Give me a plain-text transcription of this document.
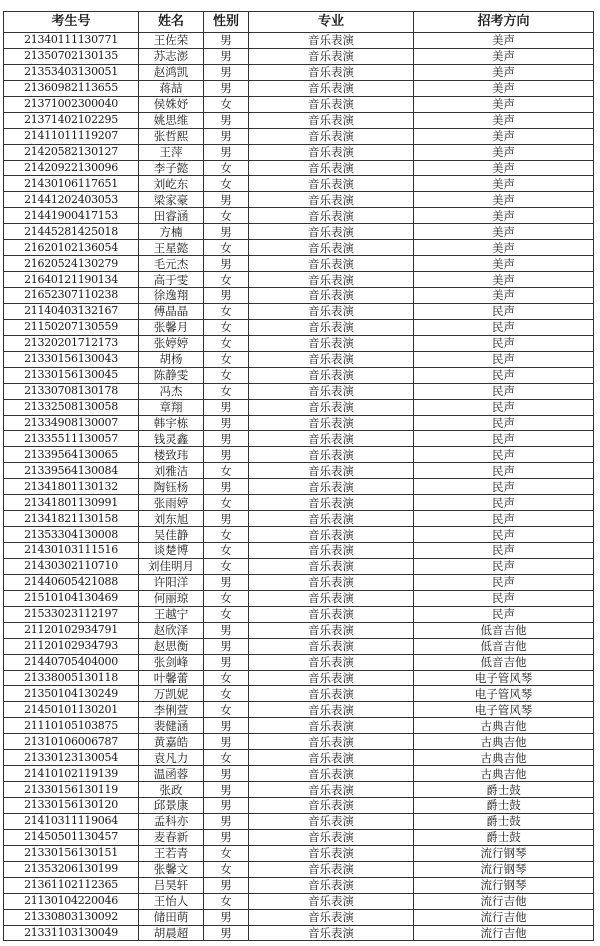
考生号	姓名	性别	专业	招考方向
21340111130771	王佐荣	男	音乐表演	美声
21350702130135	苏志澎	男	音乐表演	美声
21353403130051	赵鸿凯	男	音乐表演	美声
21360982113655	蒋喆	男	音乐表演	美声
21371002300040	侯姝妤	女	音乐表演	美声
21371402102295	姚思维	男	音乐表演	美声
21411011119207	张哲熙	男	音乐表演	美声
21420582130127	王萍	男	音乐表演	美声
21420922130096	李子懿	女	音乐表演	美声
21430106117651	刘屹东	女	音乐表演	美声
21441202403053	梁家豪	男	音乐表演	美声
21441900417153	田睿涵	女	音乐表演	美声
21445281425018	方楠	男	音乐表演	美声
21620102136054	王星懿	女	音乐表演	美声
21620524130279	毛元杰	男	音乐表演	美声
21640121190134	高于雯	女	音乐表演	美声
21652307110238	徐逸翔	男	音乐表演	美声
21140403132167	傅晶晶	女	音乐表演	民声
21150207130559	张馨月	女	音乐表演	民声
21320201712173	张婷婷	女	音乐表演	民声
21330156130043	胡杨	女	音乐表演	民声
21330156130045	陈静雯	女	音乐表演	民声
21330708130178	冯杰	女	音乐表演	民声
21332508130058	章翔	男	音乐表演	民声
21334908130007	韩宇栋	男	音乐表演	民声
21335511130057	钱灵鑫	男	音乐表演	民声
21339564130065	楼致玮	男	音乐表演	民声
21339564130084	刘雅洁	女	音乐表演	民声
21341801130132	陶钰杨	男	音乐表演	民声
21341801130991	张雨婷	女	音乐表演	民声
21341821130158	刘东旭	男	音乐表演	民声
21353304130008	吴佳静	女	音乐表演	民声
21430103111516	谈楚博	女	音乐表演	民声
21430302110710	刘佳明月	女	音乐表演	民声
21440605421088	许阳洋	男	音乐表演	民声
21510104130469	何丽琼	女	音乐表演	民声
21533023112197	王越宁	女	音乐表演	民声
21120102934791	赵欣泽	男	音乐表演	低音吉他
21120102934793	赵思衡	男	音乐表演	低音吉他
21440705404000	张剑峰	男	音乐表演	低音吉他
21338005130118	叶馨蕾	女	音乐表演	电子管风琴
21350104130249	万凯妮	女	音乐表演	电子管风琴
21450101130201	李俐萱	女	音乐表演	电子管风琴
21110105103875	裴健涵	男	音乐表演	古典吉他
21310106006787	黄嘉皓	男	音乐表演	古典吉他
21330123130054	袁凡力	女	音乐表演	古典吉他
21410102119139	温函蓉	男	音乐表演	古典吉他
21330156130119	张政	男	音乐表演	爵士鼓
21330156130120	邱景康	男	音乐表演	爵士鼓
21410311119064	孟科亦	男	音乐表演	爵士鼓
21450501130457	麦春新	男	音乐表演	爵士鼓
21330156130151	王若青	女	音乐表演	流行钢琴
21353206130199	张馨文	女	音乐表演	流行钢琴
21361102112365	吕昊轩	男	音乐表演	流行钢琴
21130104220046	王怡人	女	音乐表演	流行吉他
21330803130092	储田萌	男	音乐表演	流行吉他
21331103130049	胡晨超	男	音乐表演	流行吉他
